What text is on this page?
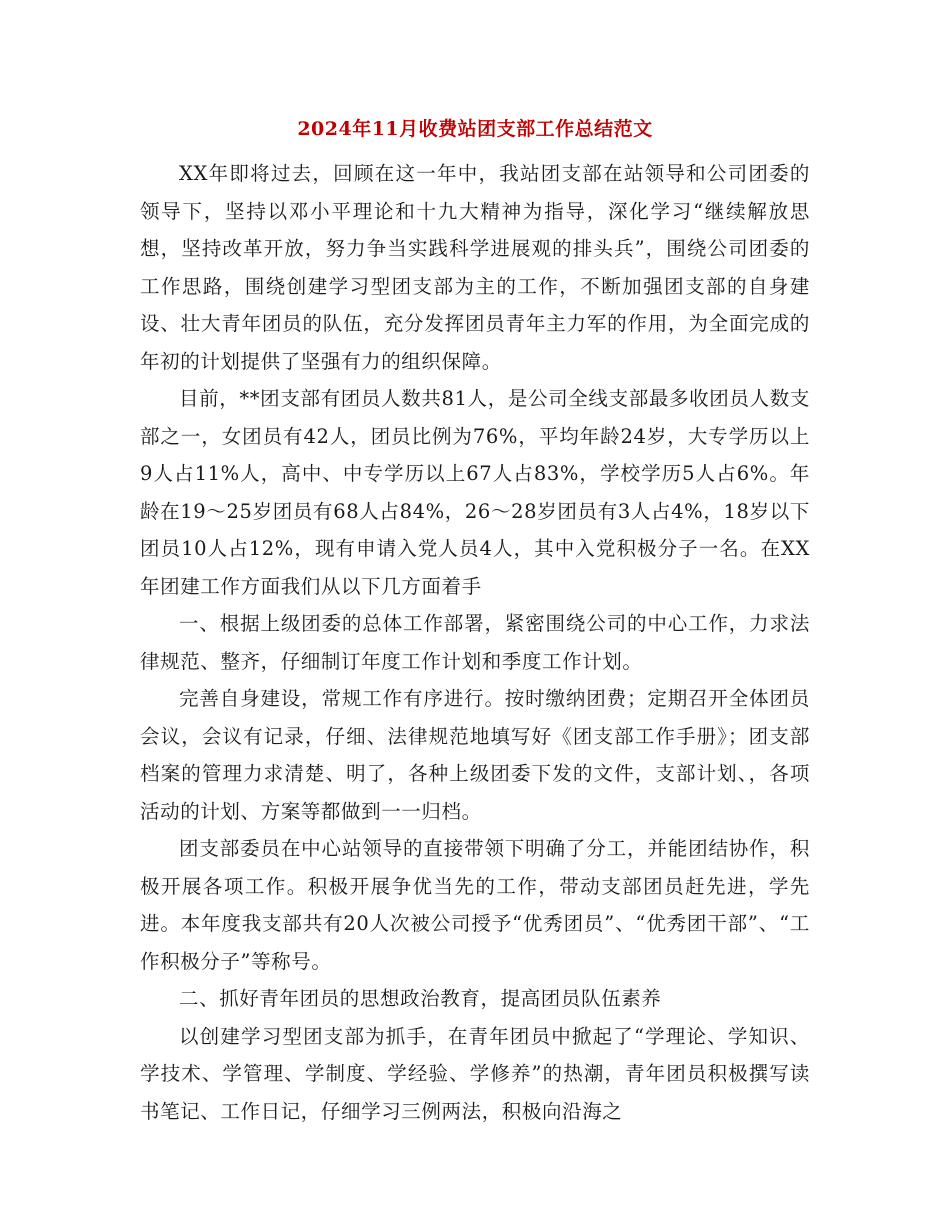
2024年11月收费站团支部工作总结范文

XX年即将过去，回顾在这一年中，我站团支部在站领导和公司团委的领导下，坚持以邓小平理论和十九大精神为指导，深化学习“继续解放思想，坚持改革开放，努力争当实践科学进展观的排头兵”，围绕公司团委的工作思路，围绕创建学习型团支部为主的工作，不断加强团支部的自身建设、壮大青年团员的队伍，充分发挥团员青年主力军的作用，为全面完成的年初的计划提供了坚强有力的组织保障。

目前，**团支部有团员人数共81人，是公司全线支部最多收团员人数支部之一，女团员有42人，团员比例为76%，平均年龄24岁，大专学历以上9人占11%人，高中、中专学历以上67人占83%，学校学历5人占6%。年龄在19～25岁团员有68人占84%，26～28岁团员有3人占4%，18岁以下团员10人占12%，现有申请入党人员4人，其中入党积极分子一名。在XX年团建工作方面我们从以下几方面着手

一、根据上级团委的总体工作部署，紧密围绕公司的中心工作，力求法律规范、整齐，仔细制订年度工作计划和季度工作计划。

完善自身建设，常规工作有序进行。按时缴纳团费；定期召开全体团员会议，会议有记录，仔细、法律规范地填写好《团支部工作手册》；团支部档案的管理力求清楚、明了，各种上级团委下发的文件，支部计划、，各项活动的计划、方案等都做到一一归档。

团支部委员在中心站领导的直接带领下明确了分工，并能团结协作，积极开展各项工作。积极开展争优当先的工作，带动支部团员赶先进，学先进。本年度我支部共有20人次被公司授予“优秀团员”、“优秀团干部”、“工作积极分子”等称号。

二、抓好青年团员的思想政治教育，提高团员队伍素养

以创建学习型团支部为抓手，在青年团员中掀起了“学理论、学知识、学技术、学管理、学制度、学经验、学修养”的热潮，青年团员积极撰写读书笔记、工作日记，仔细学习三例两法，积极向沿海之
